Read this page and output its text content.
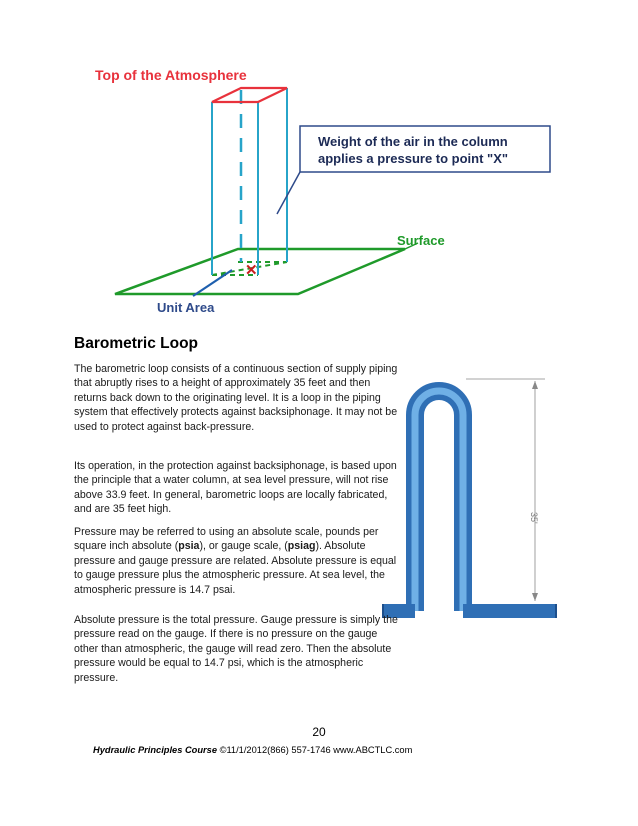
✕
Top of the Atmosphere
Weight of the air in the column
applies a pressure to point "X"
Surface
Unit Area
35'
Barometric Loop

The barometric loop consists of a continuous section of supply piping that abruptly rises to a height of approximately 35 feet and then returns back down to the originating level. It is a loop in the piping system that effectively protects against backsiphonage. It may not be used to protect against back-pressure.

Its operation, in the protection against backsiphonage, is based upon the principle that a water column, at sea level pressure, will not rise above 33.9 feet. In general, barometric loops are locally fabricated, and are 35 feet high.

Pressure may be referred to using an absolute scale, pounds per square inch absolute (psia), or gauge scale, (psiag). Absolute pressure and gauge pressure are related. Absolute pressure is equal to gauge pressure plus the atmospheric pressure. At sea level, the atmospheric pressure is 14.7 psai.

Absolute pressure is the total pressure. Gauge pressure is simply the pressure read on the gauge. If there is no pressure on the gauge other than atmospheric, the gauge will read zero. Then the absolute pressure would be equal to 14.7 psi, which is the atmospheric pressure.

20
Hydraulic Principles Course ©11/1/2012(866) 557-1746 www.ABCTLC.com
